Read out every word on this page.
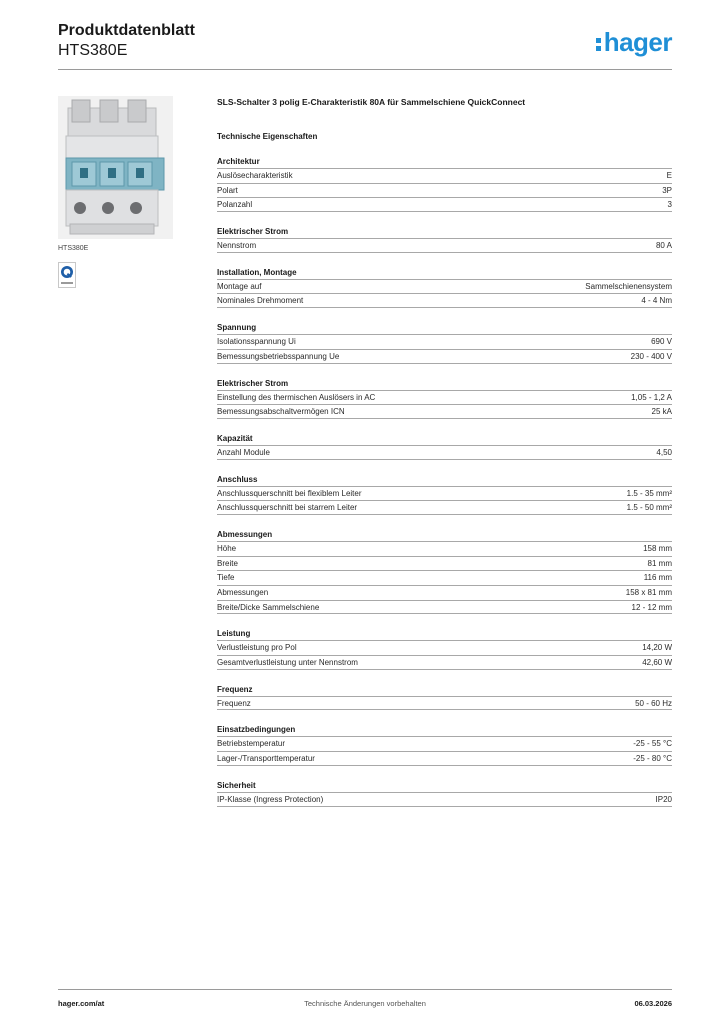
Produktdatenblatt
HTS380E	hager
HTS380E
SLS-Schalter 3 polig E-Charakteristik 80A für Sammelschiene QuickConnect
Technische Eigenschaften
Architektur
Auslösecharakteristik	E
Polart	3P
Polanzahl	3
Elektrischer Strom
Nennstrom	80 A
Installation, Montage
Montage auf	Sammelschienensystem
Nominales Drehmoment	4 - 4 Nm
Spannung
Isolationsspannung Ui	690 V
Bemessungsbetriebsspannung Ue	230 - 400 V
Elektrischer Strom
Einstellung des thermischen Auslösers in AC	1,05 - 1,2 A
Bemessungsabschaltvermögen ICN	25 kA
Kapazität
Anzahl Module	4,50
Anschluss
Anschlussquerschnitt bei flexiblem Leiter	1.5 - 35 mm²
Anschlussquerschnitt bei starrem Leiter	1.5 - 50 mm²
Abmessungen
Höhe	158 mm
Breite	81 mm
Tiefe	116 mm
Abmessungen	158 x 81 mm
Breite/Dicke Sammelschiene	12 - 12 mm
Leistung
Verlustleistung pro Pol	14,20 W
Gesamtverlustleistung unter Nennstrom	42,60 W
Frequenz
Frequenz	50 - 60 Hz
Einsatzbedingungen
Betriebstemperatur	-25 - 55 °C
Lager-/Transporttemperatur	-25 - 80 °C
Sicherheit
IP-Klasse (Ingress Protection)	IP20
hager.com/at	Technische Änderungen vorbehalten	06.03.2026
